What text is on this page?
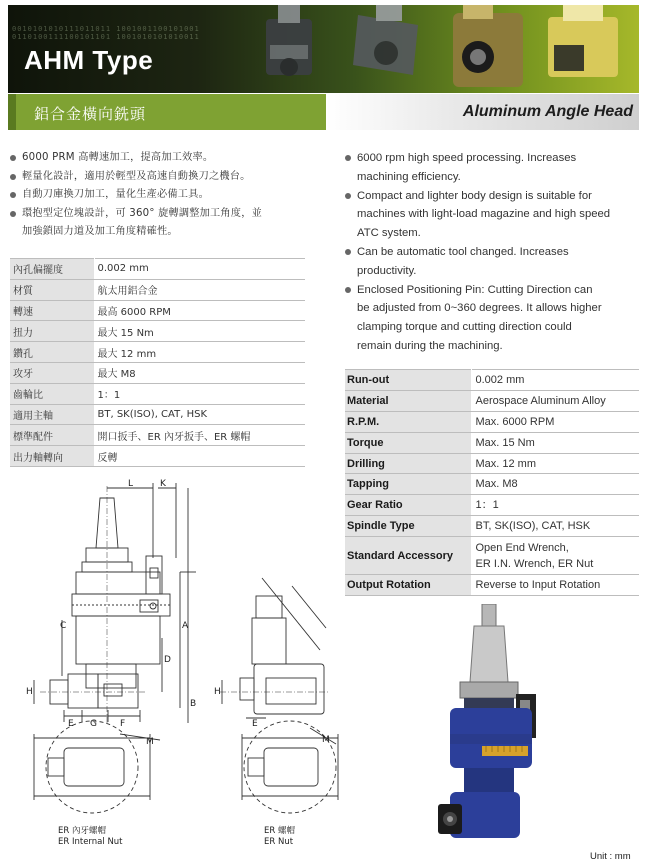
0010101010111011011 1001001100101001 0110100111100101101 1001010101010011
AHM Type
鋁合金橫向銑頭	Aluminum Angle Head
6000 PRM 高轉速加工，提高加工效率。
輕量化設計，適用於輕型及高速自動換刀之機台。
自動刀庫換刀加工，量化生產必備工具。
環抱型定位塊設計，可 360° 旋轉調整加工角度，並
加強鎖固力道及加工角度精確性。
6000 rpm high speed processing. Increases
machining efficiency.
Compact and lighter body design is suitable for
machines with light-load magazine and high speed
ATC system.
Can be automatic tool changed. Increases
productivity.
Enclosed Positioning Pin: Cutting Direction can
be adjusted from 0~360 degrees. It allows higher
clamping torque and cutting direction could
remain during the machining.
內孔偏擺度	0.002 mm
材質	航太用鋁合金
轉速	最高 6000 RPM
扭力	最大 15 Nm
鑽孔	最大 12 mm
攻牙	最大 M8
齒輪比	1：1
適用主軸	BT, SK(ISO), CAT, HSK
標準配件	開口扳手、ER 內牙扳手、ER 螺帽
出力軸轉向	反轉
Run-out	0.002 mm

Material	Aerospace Aluminum Alloy

R.P.M.	Max. 6000 RPM

Torque	Max. 15 Nm

Drilling	Max. 12 mm

Tapping	Max. M8

Gear Ratio	1：1

Spindle Type	BT, SK(ISO), CAT, HSK

Standard Accessory	Open End Wrench,
ER I.N. Wrench, ER Nut

Output Rotation	Reverse to Input Rotation
L	K
A
B
C
D
E	F
G
H
M
H
E
M
ER 內牙螺帽
ER Internal Nut
ER 螺帽
ER Nut
Unit : mm
